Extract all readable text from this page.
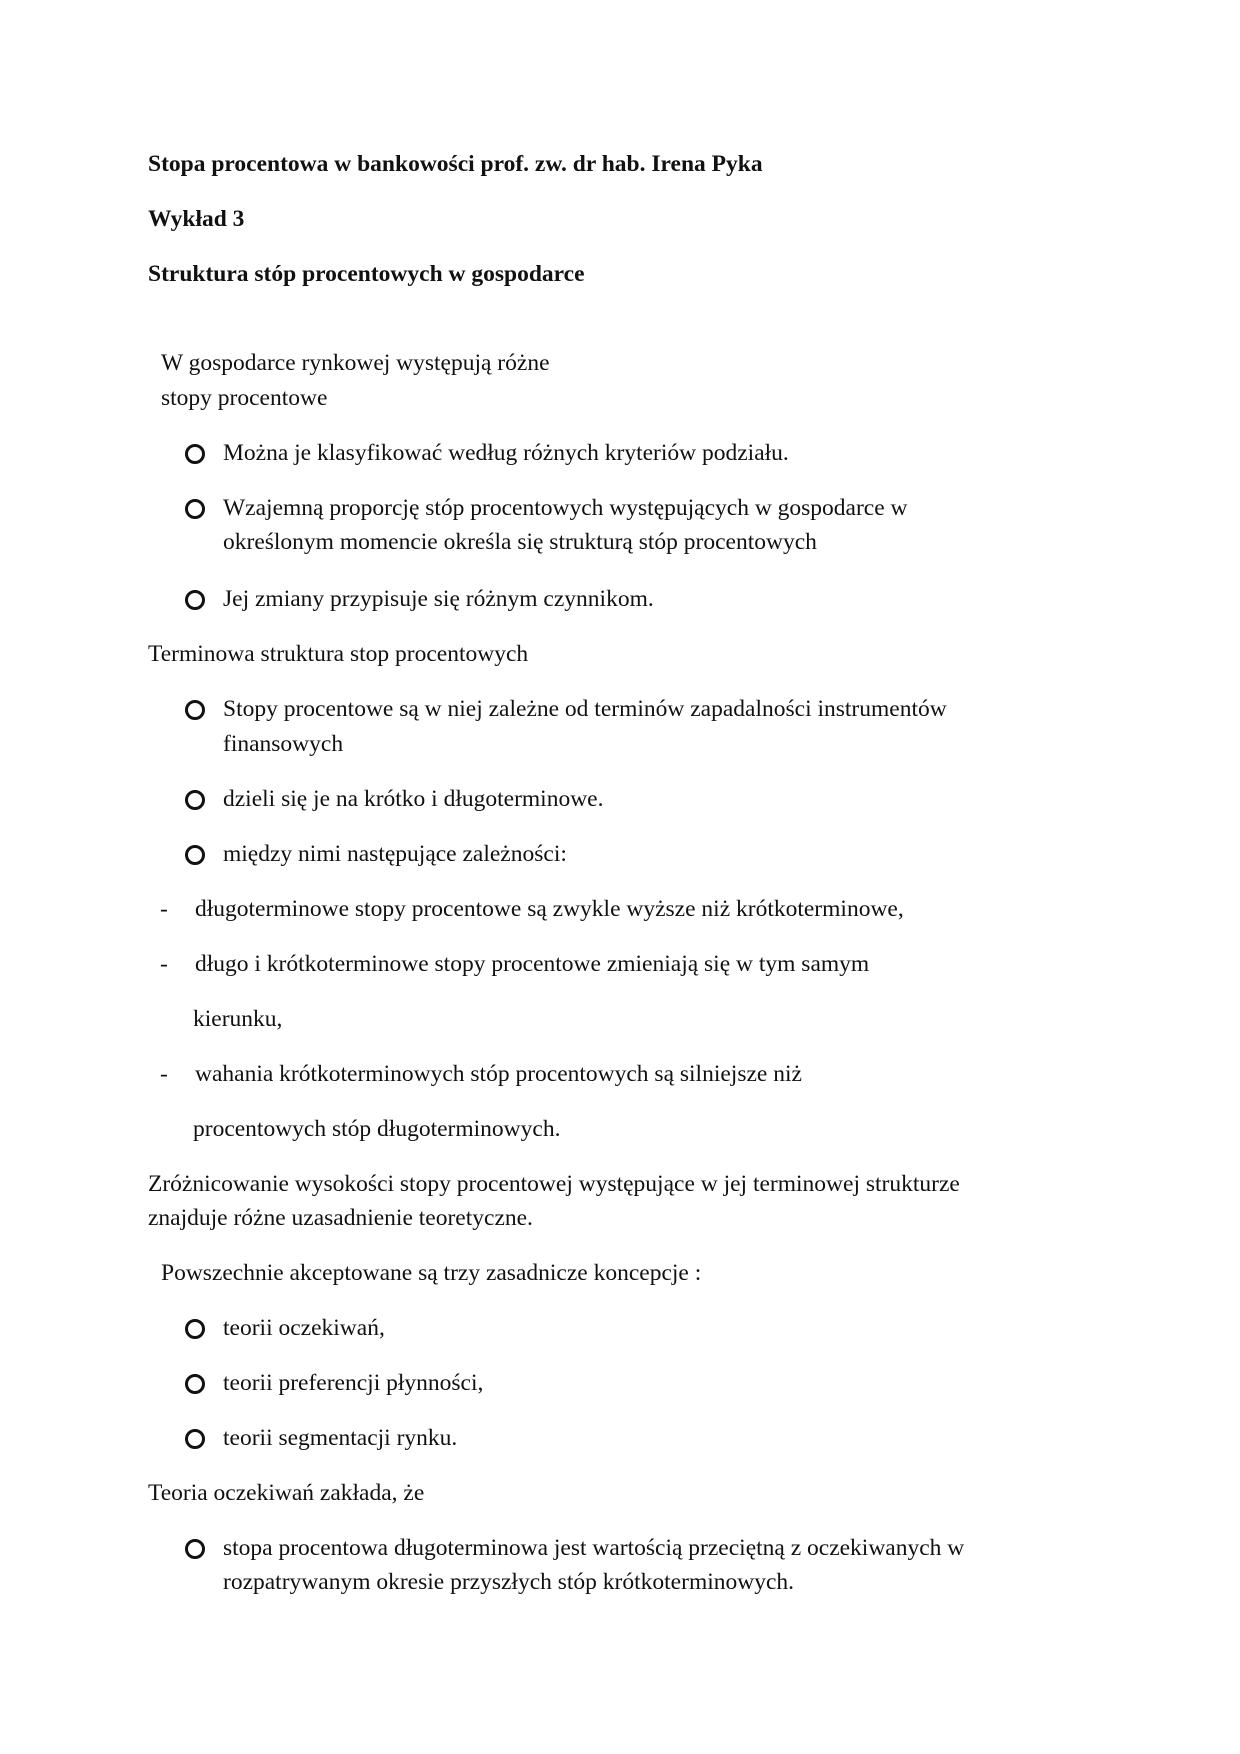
Stopa procentowa w bankowości prof. zw. dr hab. Irena Pyka
Wykład 3
Struktura stóp procentowych w gospodarce
W gospodarce rynkowej występują różne
stopy procentowe
Można je klasyfikować według różnych kryteriów podziału.
Wzajemną proporcję stóp procentowych występujących w gospodarce w
określonym momencie określa się strukturą stóp procentowych
Jej zmiany przypisuje się różnym czynnikom.
Terminowa struktura stop procentowych
Stopy procentowe są w niej zależne od terminów zapadalności instrumentów
finansowych
dzieli się je na krótko i długoterminowe.
między nimi następujące zależności:
- długoterminowe stopy procentowe są zwykle wyższe niż krótkoterminowe,
- długo i krótkoterminowe stopy procentowe zmieniają się w tym samym
kierunku,
- wahania krótkoterminowych stóp procentowych są silniejsze niż
procentowych stóp długoterminowych.
Zróżnicowanie wysokości stopy procentowej występujące w jej terminowej strukturze
znajduje różne uzasadnienie teoretyczne.
Powszechnie akceptowane są trzy zasadnicze koncepcje :
teorii oczekiwań,
teorii preferencji płynności,
teorii segmentacji rynku.
Teoria oczekiwań zakłada, że
stopa procentowa długoterminowa jest wartością przeciętną z oczekiwanych w
rozpatrywanym okresie przyszłych stóp krótkoterminowych.
